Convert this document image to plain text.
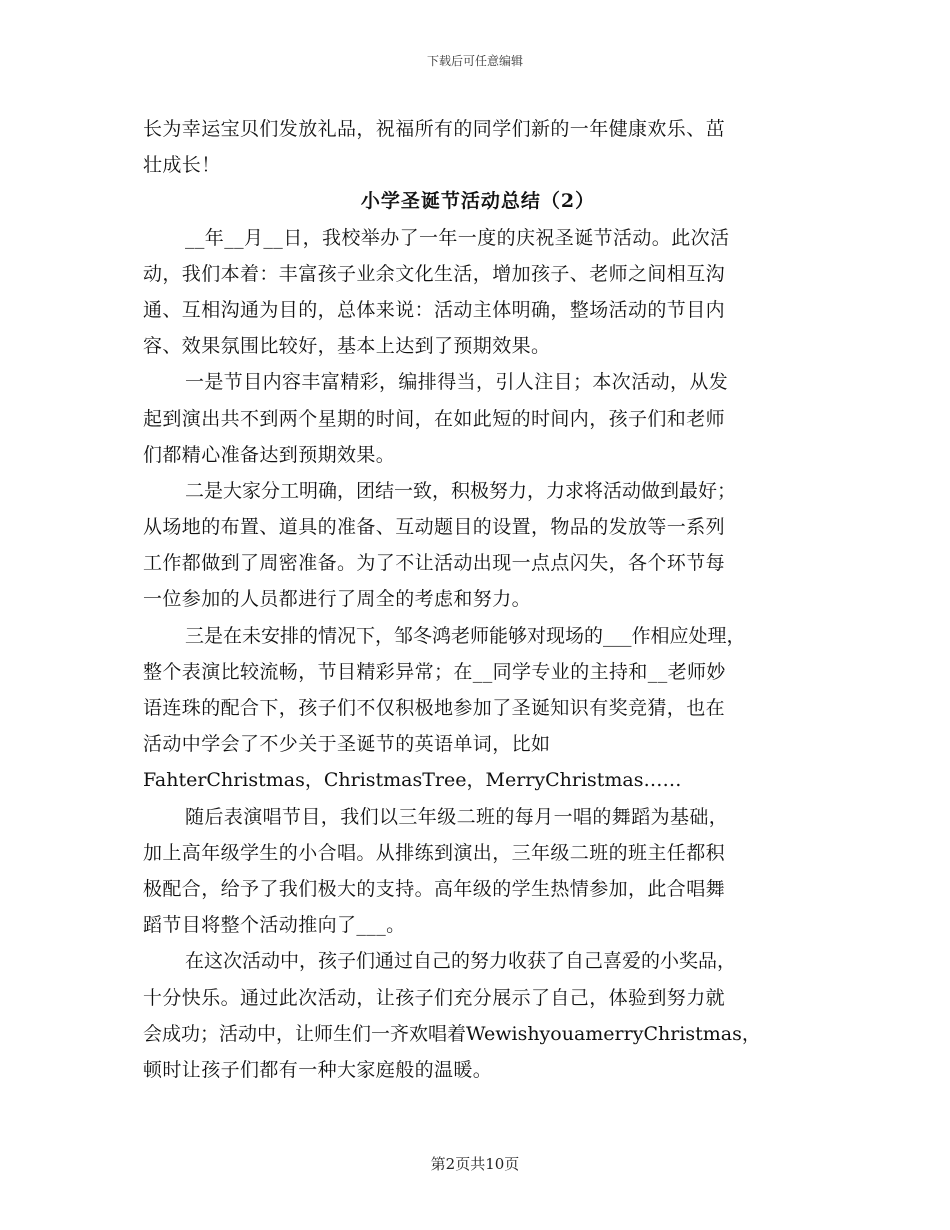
下载后可任意编辑
长为幸运宝贝们发放礼品，祝福所有的同学们新的一年健康欢乐、茁
壮成长！
小学圣诞节活动总结（2）
__年__月__日，我校举办了一年一度的庆祝圣诞节活动。此次活
动，我们本着：丰富孩子业余文化生活，增加孩子、老师之间相互沟
通、互相沟通为目的，总体来说：活动主体明确，整场活动的节目内
容、效果氛围比较好，基本上达到了预期效果。
一是节目内容丰富精彩，编排得当，引人注目；本次活动，从发
起到演出共不到两个星期的时间，在如此短的时间内，孩子们和老师
们都精心准备达到预期效果。
二是大家分工明确，团结一致，积极努力，力求将活动做到最好；
从场地的布置、道具的准备、互动题目的设置，物品的发放等一系列
工作都做到了周密准备。为了不让活动出现一点点闪失，各个环节每
一位参加的人员都进行了周全的考虑和努力。
三是在未安排的情况下，邹冬鸿老师能够对现场的___作相应处理，
整个表演比较流畅，节目精彩异常；在__同学专业的主持和__老师妙
语连珠的配合下，孩子们不仅积极地参加了圣诞知识有奖竞猜，也在
活动中学会了不少关于圣诞节的英语单词，比如
FahterChristmas，ChristmasTree，MerryChristmas……
随后表演唱节目，我们以三年级二班的每月一唱的舞蹈为基础，
加上高年级学生的小合唱。从排练到演出，三年级二班的班主任都积
极配合，给予了我们极大的支持。高年级的学生热情参加，此合唱舞
蹈节目将整个活动推向了___。
在这次活动中，孩子们通过自己的努力收获了自己喜爱的小奖品，
十分快乐。通过此次活动，让孩子们充分展示了自己，体验到努力就
会成功；活动中，让师生们一齐欢唱着WewishyouamerryChristmas，
顿时让孩子们都有一种大家庭般的温暖。
第2页共10页
